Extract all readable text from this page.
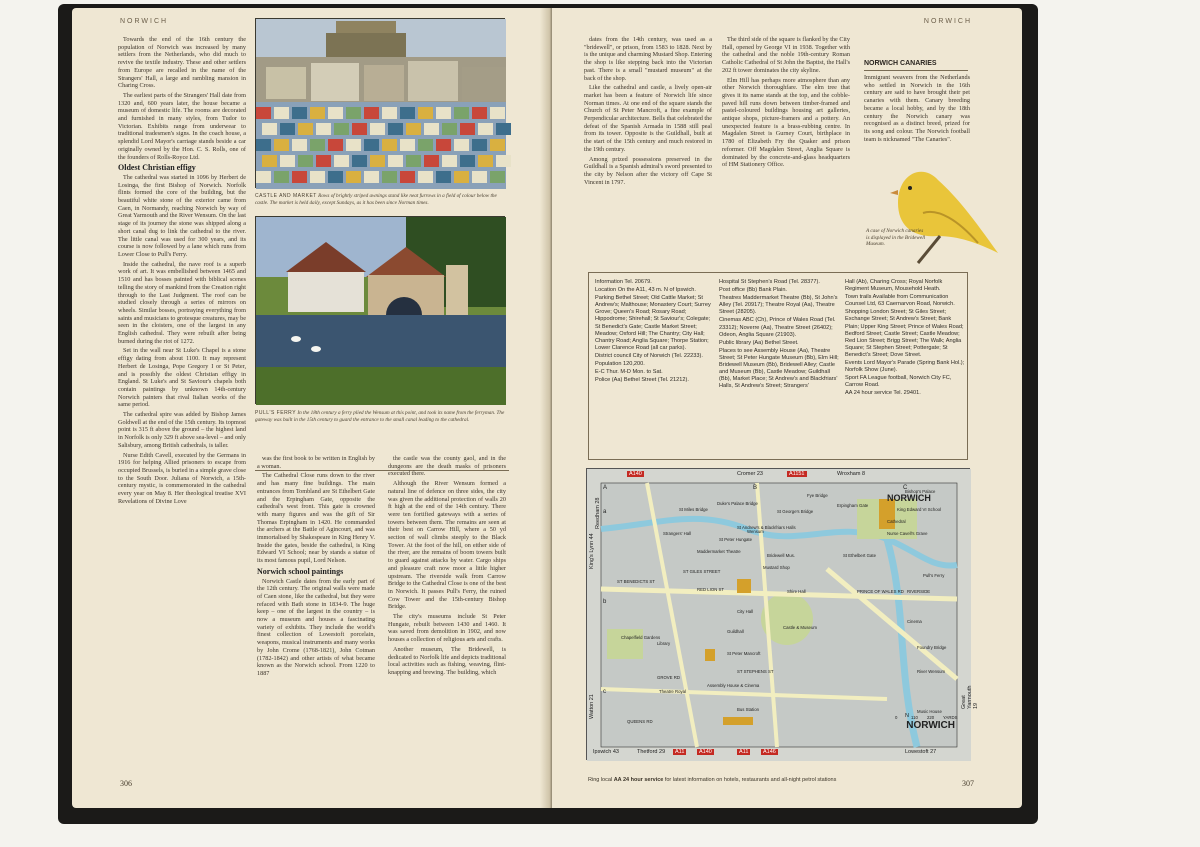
NORWICH

Towards the end of the 16th century the population of Norwich was increased by many settlers from the Netherlands, who did much to revive the textile industry. These and other settlers from Europe are recalled in the name of the Strangers' Hall, a large and rambling mansion in Charing Cross.

The earliest parts of the Strangers' Hall date from 1320 and, 600 years later, the house became a museum of domestic life. The rooms are decorated and furnished in many styles, from Tudor to Victorian. Exhibits range from underwear to traditional tradesmen's signs. In the coach house, a splendid Lord Mayor's carriage stands beside a car originally owned by the Hon. C. S. Rolls, one of the founders of Rolls-Royce Ltd.

Oldest Christian effigy

The cathedral was started in 1096 by Herbert de Losinga, the first Bishop of Norwich. Norfolk flints formed the core of the building, but the beautiful white stone of the exterior came from Caen, in Normandy, reaching Norwich by way of Great Yarmouth and the River Wensum. On the last stage of its journey the stone was shipped along a short canal dug to link the cathedral to the river. The little canal was used for 300 years, and its course is now followed by a lane which runs from Lower Close to Pull's Ferry.

Inside the cathedral, the nave roof is a superb work of art. It was embellished between 1465 and 1510 and has bosses painted with biblical scenes telling the story of mankind from the Creation right through to the Last Judgment. The roof can be studied closely through a series of mirrors on wheels. Similar bosses, portraying everything from saints and musicians to grotesque creatures, may be seen in the cloisters, one of the largest in any English cathedral. They were rebuilt after being burned during the riot of 1272.

Set in the wall near St Luke's Chapel is a stone effigy dating from about 1100. It may represent Herbert de Losinga, Pope Gregory I or St Peter, and is possibly the oldest Christian effigy in England. St Luke's and St Saviour's chapels both contain paintings by unknown 14th-century Norwich painters that rival Italian works of the same period.

The cathedral spire was added by Bishop James Goldwell at the end of the 15th century. Its topmost point is 315 ft above the ground – the highest land in Norfolk is only 329 ft above sea-level – and only Salisbury, among British cathedrals, is taller.

Nurse Edith Cavell, executed by the Germans in 1916 for helping Allied prisoners to escape from occupied Brussels, is buried in a simple grave close to the South Door. Juliana of Norwich, a 15th-century mystic, is commemorated in the cathedral every year on May 8. Her theological treatise XVI Revelations of Divine Love

CASTLE AND MARKET Rows of brightly striped awnings stand like neat furrows in a field of colour below the castle. The market is held daily, except Sundays, as it has been since Norman times.
PULL'S FERRY In the 18th century a ferry plied the Wensum at this point, and took its name from the ferryman. The gateway was built in the 15th century to guard the entrance to the small canal leading to the cathedral.

was the first book to be written in English by a woman.

The Cathedral Close runs down to the river and has many fine buildings. The main entrances from Tombland are St Ethelbert Gate and the Erpingham Gate, opposite the cathedral's west front. This gate is crowned with many figures and was the gift of Sir Thomas Erpingham in 1420. He commanded the archers at the Battle of Agincourt, and was immortalised by Shakespeare in King Henry V. Inside the gates, beside the cathedral, is King Edward VI School; near by stands a statue of its most famous pupil, Lord Nelson.

Norwich school paintings

Norwich Castle dates from the early part of the 12th century. The original walls were made of Caen stone, like the cathedral, but they were refaced with Bath stone in 1834-9. The huge keep – one of the largest in the country – is now a museum and houses a fascinating variety of exhibits. They include the world's finest collection of Lowestoft porcelain, weapons, musical instruments and many works by John Crome (1768-1821), John Cotman (1782-1842) and other artists of what became known as the Norwich school. From 1220 to 1887

the castle was the county gaol, and in the dungeons are the death masks of prisoners executed there.

Although the River Wensum formed a natural line of defence on three sides, the city was given the additional protection of walls 20 ft high at the end of the 14th century. There were ten fortified gateways with a series of towers between them. The remains are seen at their best on Carrow Hill, where a 50 yd section of wall climbs steeply to the Black Tower. At the foot of the hill, on either side of the river, are the remains of boom towers built to guard against attacks by water. Cargo ships and pleasure craft now moor a little higher upstream. The riverside walk from Carrow Bridge to the Cathedral Close is one of the best in Norwich. It passes Pull's Ferry, the ruined Cow Tower and the 15th-century Bishop Bridge.

The city's museums include St Peter Hungate, rebuilt between 1430 and 1460. It was saved from demolition in 1902, and now houses a collection of religious arts and crafts.

Another museum, The Bridewell, is dedicated to Norfolk life and depicts traditional local activities such as fishing, weaving, flint-knapping and brewing. The building, which

306
NORWICH

dates from the 14th century, was used as a "bridewell", or prison, from 1583 to 1828. Next by is the unique and charming Mustard Shop. Entering the shop is like stepping back into the Victorian past. There is a small "mustard museum" at the back of the shop.

Like the cathedral and castle, a lively open-air market has been a feature of Norwich life since Norman times. At one end of the square stands the Church of St Peter Mancroft, a fine example of Perpendicular architecture. Bells that celebrated the defeat of the Spanish Armada in 1588 still peal from its tower. Opposite is the Guildhall, built at the start of the 15th century and much restored in the 19th century.

Among prized possessions preserved in the Guildhall is a Spanish admiral's sword presented to the city by Nelson after the victory off Cape St Vincent in 1797.

The third side of the square is flanked by the City Hall, opened by George VI in 1938. Together with the cathedral and the noble 19th-century Roman Catholic Cathedral of St John the Baptist, the Hall's 202 ft tower dominates the city skyline.

Elm Hill has perhaps more atmosphere than any other Norwich thoroughfare. The elm tree that gives it its name stands at the top, and the cobble-paved hill runs down between timber-framed and pastel-coloured buildings housing art galleries, antique shops, picture-framers and a pottery. An unexpected feature is a brass-rubbing centre. In Magdalen Street is Gurney Court, birthplace in 1780 of Elizabeth Fry the Quaker and prison reformer. Off Magdalen Street, Anglia Square is dominated by the concrete-and-glass headquarters of HM Stationery Office.

NORWICH CANARIES
Immigrant weavers from the Netherlands who settled in Norwich in the 16th century are said to have brought their pet canaries with them. Canary breeding became a local hobby, and by the 18th century the Norwich canary was recognised as a distinct breed, prized for its song and colour. The Norwich football team is nicknamed "The Canaries".
A case of Norwich canaries is displayed in the Bridewell Museum.
307
Information Tel. 20679.
Location On the A11, 43 m. N of Ipswich.
Parking Bethel Street; Old Cattle Market; St Andrew's; Malthouse; Monastery Court; Surrey Grove; Queen's Road; Rosary Road; Hippodrome; Shirehall; St Saviour's; Colegate; St Benedict's Gate; Castle Market Street; Meadow; Oxford Hill; The Chantry; City Hall; Chantry Road; Anglia Square; Thorpe Station; Lower Clarence Road (all car parks).
District council City of Norwich (Tel. 22233).
Population 120,200.
E-C Thur. M-D Mon. to Sat.
Police (Aa) Bethel Street (Tel. 21212).
Hospital St Stephen's Road (Tel. 28377).
Post office (Bb) Bank Plain.
Theatres Maddermarket Theatre (Bb), St John's Alley (Tel. 20917); Theatre Royal (Aa), Theatre Street (28205).
Cinemas ABC (Ch), Prince of Wales Road (Tel. 23312); Noverre (Aa), Theatre Street (26402); Odeon, Anglia Square (21903).
Public library (Aa) Bethel Street.
Places to see Assembly House (Aa), Theatre Street; St Peter Hungate Museum (Bb), Elm Hill; Bridewell Museum (Bb), Bridewell Alley; Castle and Museum (Bb), Castle Meadow; Guildhall (Bb), Market Place; St Andrew's and Blackfriars' Halls, St Andrew's Street; Strangers'
Hall (Ab), Charing Cross; Royal Norfolk Regiment Museum, Mousehold Heath.
Town trails Available from Communication Counsel Ltd, 63 Caernarvon Road, Norwich.
Shopping London Street; St Giles Street; Exchange Street; St Andrew's Street; Bank Plain; Upper King Street; Prince of Wales Road; Bedford Street; Castle Street; Castle Meadow; Red Lion Street; Brigg Street; The Walk; Anglia Square; St Stephen Street; Pottergate; St Benedict's Street; Dove Street.
Events Lord Mayor's Parade (Spring Bank Hol.); Norfolk Show (June).
Sport FA League football, Norwich City FC, Carrow Road.
AA 24 hour service Tel. 29401.
A140	Cromer 23	A1151	Wroxham 8
Ipswich 43	Thetford 29	A11	A140	A11	A146	Lowestoft 27
King's Lynn 44
Reedham 28
Watton 21	Great Yarmouth 19
A	B	C
a
b
c
Bishop's Palace
Fye Bridge
Erpingham Gate
King Edward VI School
Cathedral
Nurse Cavell's Grave
St Miles Bridge
Duke's Palace Bridge
St George's Bridge
St Andrew's & Blackfriars Halls
Strangers' Hall
Maddermarket Theatre
Bridewell Mus.
Mustard Shop
St Peter Hungate
St Ethelbert Gate
Pull's Ferry
Shire Hall
Castle & Museum
Library
St Peter Mancroft
Chapelfield Gardens
Theatre Royal
Assembly House & Cinema
Bus Station
Foundry Bridge
Music House
Cinema
City Hall
Guildhall
Wensum
River Wensum
ST GILES STREET
RED LION ST
GROVE RD
ST STEPHENS ST
ST BENEDICTS ST
PRINCE OF WALES RD
QUEENS RD
RIVERSIDE
0	110 220 YARDS
NORWICH
NORWICH
N
Ring local AA 24 hour service for latest information on hotels, restaurants and all-night petrol stations
